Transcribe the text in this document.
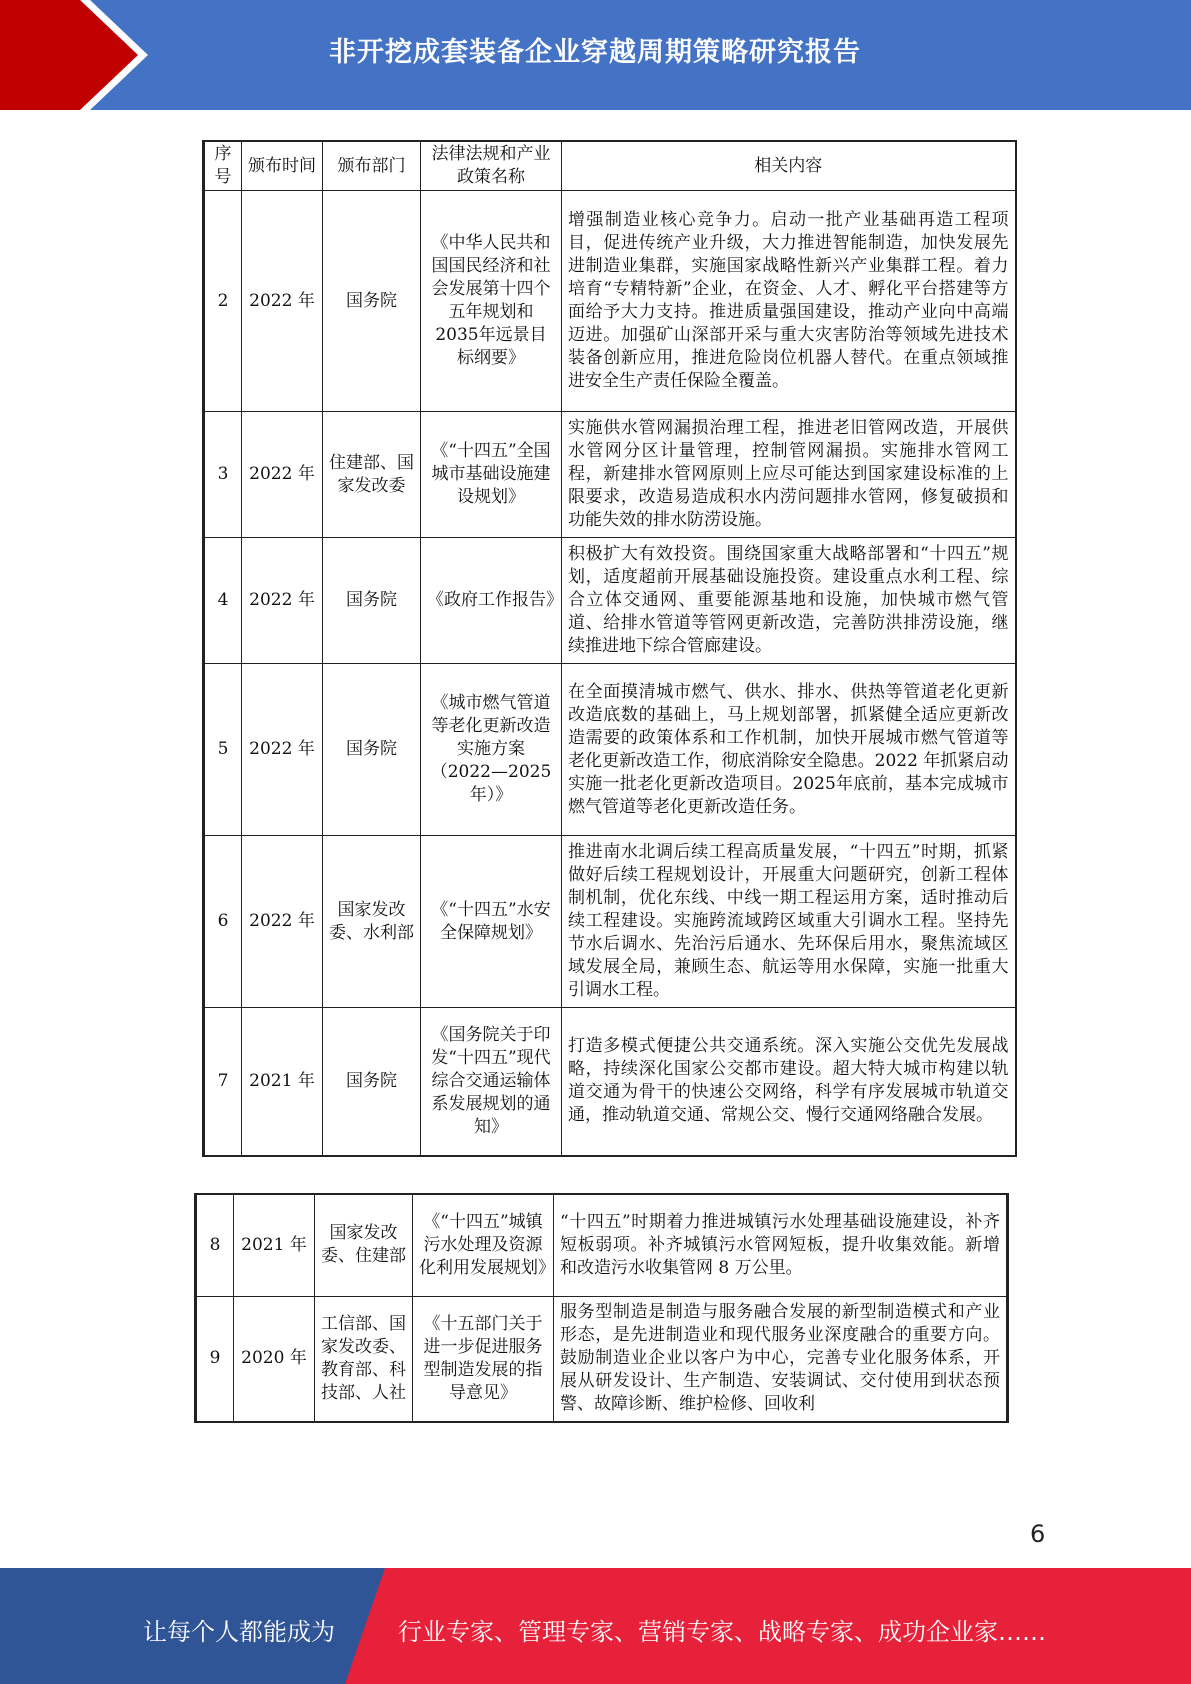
非开挖成套装备企业穿越周期策略研究报告
序号	颁布时间	颁布部门	法律法规和产业政策名称	相关内容
2	2022 年	国务院	《中华人民共和国国民经济和社会发展第十四个五年规划和2035年远景目标纲要》	增强制造业核心竞争力。启动一批产业基础再造工程项目，促进传统产业升级，大力推进智能制造，加快发展先进制造业集群，实施国家战略性新兴产业集群工程。着力培育“专精特新”企业，在资金、人才、孵化平台搭建等方面给予大力支持。推进质量强国建设，推动产业向中高端迈进。加强矿山深部开采与重大灾害防治等领域先进技术装备创新应用，推进危险岗位机器人替代。在重点领域推进安全生产责任保险全覆盖。
3	2022 年	住建部、国家发改委	《“十四五”全国城市基础设施建设规划》	实施供水管网漏损治理工程，推进老旧管网改造，开展供水管网分区计量管理，控制管网漏损。实施排水管网工程，新建排水管网原则上应尽可能达到国家建设标准的上限要求，改造易造成积水内涝问题排水管网，修复破损和功能失效的排水防涝设施。
4	2022 年	国务院	《政府工作报告》	积极扩大有效投资。围绕国家重大战略部署和“十四五”规划，适度超前开展基础设施投资。建设重点水利工程、综合立体交通网、重要能源基地和设施，加快城市燃气管道、给排水管道等管网更新改造，完善防洪排涝设施，继续推进地下综合管廊建设。
5	2022 年	国务院	《城市燃气管道等老化更新改造实施方案（2022—2025年）》	在全面摸清城市燃气、供水、排水、供热等管道老化更新改造底数的基础上，马上规划部署，抓紧健全适应更新改造需要的政策体系和工作机制，加快开展城市燃气管道等老化更新改造工作，彻底消除安全隐患。2022 年抓紧启动实施一批老化更新改造项目。2025年底前，基本完成城市燃气管道等老化更新改造任务。
6	2022 年	国家发改委、水利部	《“十四五”水安全保障规划》	推进南水北调后续工程高质量发展，“十四五”时期，抓紧做好后续工程规划设计，开展重大问题研究，创新工程体制机制，优化东线、中线一期工程运用方案，适时推动后续工程建设。实施跨流域跨区域重大引调水工程。坚持先节水后调水、先治污后通水、先环保后用水，聚焦流域区域发展全局，兼顾生态、航运等用水保障，实施一批重大引调水工程。
7	2021 年	国务院	《国务院关于印发“十四五”现代综合交通运输体系发展规划的通知》	打造多模式便捷公共交通系统。深入实施公交优先发展战略，持续深化国家公交都市建设。超大特大城市构建以轨道交通为骨干的快速公交网络，科学有序发展城市轨道交通，推动轨道交通、常规公交、慢行交通网络融合发展。
8	2021 年	国家发改委、住建部	《“十四五”城镇污水处理及资源化利用发展规划》	“十四五”时期着力推进城镇污水处理基础设施建设，补齐短板弱项。补齐城镇污水管网短板，提升收集效能。新增和改造污水收集管网 8 万公里。
9	2020 年	工信部、国家发改委、教育部、科技部、人社	《十五部门关于进一步促进服务型制造发展的指导意见》	服务型制造是制造与服务融合发展的新型制造模式和产业形态，是先进制造业和现代服务业深度融合的重要方向。鼓励制造业企业以客户为中心，完善专业化服务体系，开展从研发设计、生产制造、安装调试、交付使用到状态预警、故障诊断、维护检修、回收利
6
让每个人都能成为	行业专家、管理专家、营销专家、战略专家、成功企业家……
